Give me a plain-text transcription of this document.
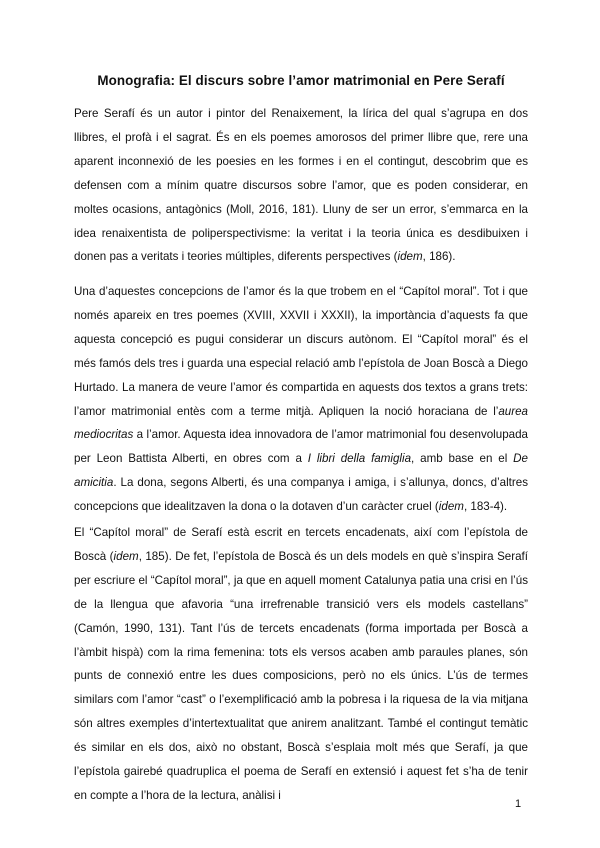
Monografia: El discurs sobre l’amor matrimonial en Pere Serafí

Pere Serafí és un autor i pintor del Renaixement, la lírica del qual s’agrupa en dos llibres, el profà i el sagrat. És en els poemes amorosos del primer llibre que, rere una aparent inconnexió de les poesies en les formes i en el contingut, descobrim que es defensen com a mínim quatre discursos sobre l’amor, que es poden considerar, en moltes ocasions, antagònics (Moll, 2016, 181). Lluny de ser un error, s’emmarca en la idea renaixentista de poliperspectivisme: la veritat i la teoria única es desdibuixen i donen pas a veritats i teories múltiples, diferents perspectives (idem, 186).

Una d’aquestes concepcions de l’amor és la que trobem en el “Capítol moral”. Tot i que només apareix en tres poemes (XVIII, XXVII i XXXII), la importància d’aquests fa que aquesta concepció es pugui considerar un discurs autònom. El “Capítol moral” és el més famós dels tres i guarda una especial relació amb l’epístola de Joan Boscà a Diego Hurtado. La manera de veure l’amor és compartida en aquests dos textos a grans trets: l’amor matrimonial entès com a terme mitjà. Apliquen la noció horaciana de l’aurea mediocritas a l’amor. Aquesta idea innovadora de l’amor matrimonial fou desenvolupada per Leon Battista Alberti, en obres com a I libri della famiglia, amb base en el De amicitia. La dona, segons Alberti, és una companya i amiga, i s’allunya, doncs, d’altres concepcions que idealitzaven la dona o la dotaven d’un caràcter cruel (idem, 183-4).

El “Capítol moral” de Serafí està escrit en tercets encadenats, així com l’epístola de Boscà (idem, 185). De fet, l’epístola de Boscà és un dels models en què s’inspira Serafí per escriure el “Capítol moral”, ja que en aquell moment Catalunya patia una crisi en l’ús de la llengua que afavoria “una irrefrenable transició vers els models castellans” (Camón, 1990, 131). Tant l’ús de tercets encadenats (forma importada per Boscà a l’àmbit hispà) com la rima femenina: tots els versos acaben amb paraules planes, són punts de connexió entre les dues composicions, però no els únics. L’ús de termes similars com l’amor “cast” o l’exemplificació amb la pobresa i la riquesa de la via mitjana són altres exemples d’intertextualitat que anirem analitzant. També el contingut temàtic és similar en els dos, això no obstant, Boscà s’esplaia molt més que Serafí, ja que l’epístola gairebé quadruplica el poema de Serafí en extensió i aquest fet s’ha de tenir en compte a l’hora de la lectura, anàlisi i

1
